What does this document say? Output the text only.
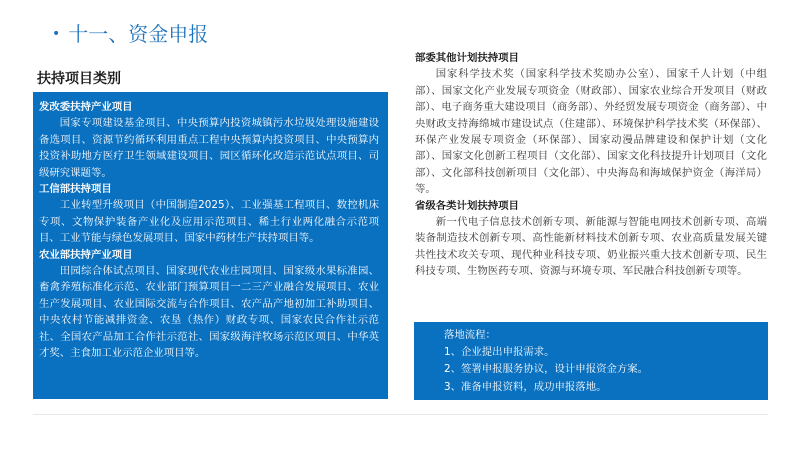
• 十一、资金申报
扶持项目类别
发改委扶持产业项目
国家专项建设基金项目、中央预算内投资城镇污水垃圾处理设施建设备选项目、资源节约循环利用重点工程中央预算内投资项目、中央预算内投资补助地方医疗卫生领域建设项目、园区循环化改造示范试点项目、司级研究课题等。
工信部扶持项目
工业转型升级项目（中国制造2025）、工业强基工程项目、数控机床专项、文物保护装备产业化及应用示范项目、稀土行业两化融合示范项目、工业节能与绿色发展项目、国家中药材生产扶持项目等。
农业部扶持产业项目
田园综合体试点项目、国家现代农业庄园项目、国家级水果标准园、畜禽养殖标准化示范、农业部门预算项目一二三产业融合发展项目、农业生产发展项目、农业国际交流与合作项目、农产品产地初加工补助项目、中央农村节能减排资金、农垦（热作）财政专项、国家农民合作社示范社、全国农产品加工合作社示范社、国家级海洋牧场示范区项目、中华英才奖、主食加工业示范企业项目等。
部委其他计划扶持项目
国家科学技术奖（国家科学技术奖励办公室）、国家千人计划（中组部）、国家文化产业发展专项资金（财政部）、国家农业综合开发项目（财政部）、电子商务重大建设项目（商务部）、外经贸发展专项资金（商务部）、中央财政支持海绵城市建设试点（住建部）、环境保护科学技术奖（环保部）、环保产业发展专项资金（环保部）、国家动漫品牌建设和保护计划（文化部）、国家文化创新工程项目（文化部）、国家文化科技提升计划项目（文化部）、文化部科技创新项目（文化部）、中央海岛和海域保护资金（海洋局）等。
省级各类计划扶持项目
新一代电子信息技术创新专项、新能源与智能电网技术创新专项、高端装备制造技术创新专项、高性能新材料技术创新专项、农业高质量发展关键共性技术攻关专项、现代种业科技专项、奶业振兴重大技术创新专项、民生科技专项、生物医药专项、资源与环境专项、军民融合科技创新专项等。
落地流程：
1、企业提出申报需求。
2、签署申报服务协议，设计申报资金方案。
3、准备申报资料，成功申报落地。
